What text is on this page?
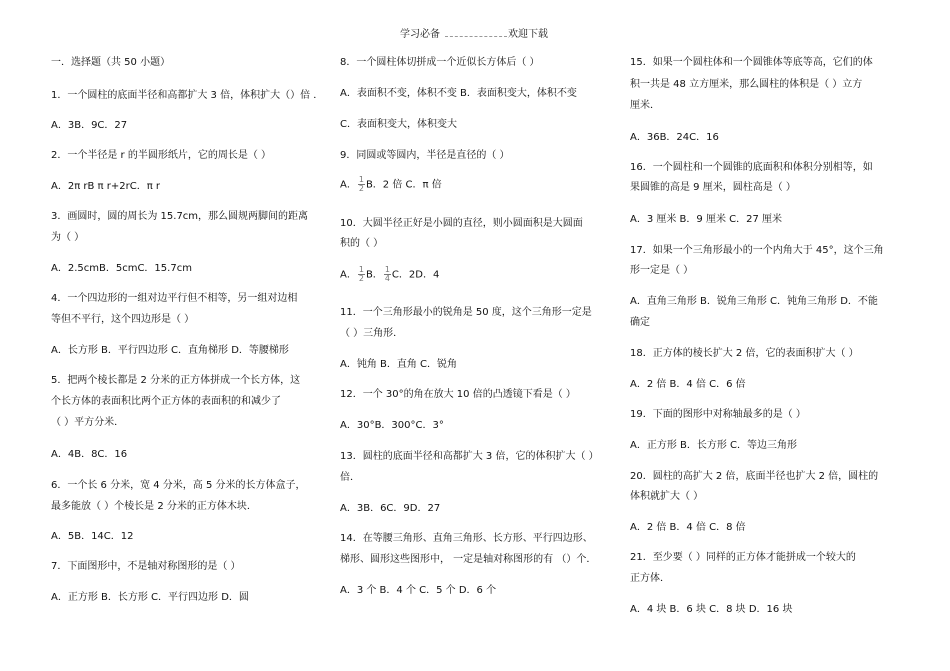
学习必备	欢迎下载
一．选择题（共 50 小题）
1．一个圆柱的底面半径和高都扩大 3 倍，体积扩大（）倍 ．
A．3B．9C．27
2．一个半径是 r 的半圆形纸片，它的周长是（ ）
A．2π rB π r+2rC．π r
3．画圆时，圆的周长为 15.7cm，那么圆规两脚间的距离
为（ ）
A．2.5cmB．5cmC．15.7cm
4．一个四边形的一组对边平行但不相等，另一组对边相
等但不平行，这个四边形是（ ）
A．长方形 B．平行四边形 C．直角梯形 D．等腰梯形
5．把两个棱长都是 2 分米的正方体拼成一个长方体，这
个长方体的表面积比两个正方体的表面积的和减少了
（ ）平方分米．
A．4B．8C．16
6．一个长 6 分米，宽 4 分米，高 5 分米的长方体盒子，
最多能放（ ）个棱长是 2 分米的正方体木块．
A．5B．14C．12
7．下面图形中，不是轴对称图形的是（ ）
A．正方形 B．长方形 C．平行四边形 D．圆
8．一个圆柱体切拼成一个近似长方体后（ ）
A．表面积不变，体积不变 B．表面积变大，体积不变
C．表面积变大，体积变大
9．同圆或等圆内，半径是直径的（ ）
A． $\frac{1}{2}$ B．2 倍 C．π 倍
10．大圆半径正好是小圆的直径，则小圆面积是大圆面
积的（ ）
A． $\frac{1}{2}$ B． $\frac{1}{4}$ C．2D．4
11．一个三角形最小的锐角是 50 度，这个三角形一定是
（ ）三角形．
A．钝角 B．直角 C．锐角
12．一个 30°的角在放大 10 倍的凸透镜下看是（ ）
A．30°B．300°C．3°
13．圆柱的底面半径和高都扩大 3 倍，它的体积扩大（ ）
倍．
A．3B．6C．9D．27
14．在等腰三角形、直角三角形、长方形、平行四边形、
梯形、圆形这些图形中， 一定是轴对称图形的有 （）个．
A．3 个 B．4 个 C．5 个 D．6 个
15．如果一个圆柱体和一个圆锥体等底等高，它们的体
积一共是 48 立方厘米，那么圆柱的体积是（ ）立方
厘米．
A．36B．24C．16
16．一个圆柱和一个圆锥的底面积和体积分别相等，如
果圆锥的高是 9 厘米，圆柱高是（ ）
A．3 厘米 B．9 厘米 C．27 厘米
17．如果一个三角形最小的一个内角大于 45°，这个三角
形一定是（ ）
A．直角三角形 B．锐角三角形 C．钝角三角形 D．不能
确定
18．正方体的棱长扩大 2 倍，它的表面积扩大（ ）
A．2 倍 B．4 倍 C．6 倍
19．下面的图形中对称轴最多的是（ ）
A．正方形 B．长方形 C．等边三角形
20．圆柱的高扩大 2 倍，底面半径也扩大 2 倍，圆柱的
体积就扩大（ ）
A．2 倍 B．4 倍 C．8 倍
21．至少要（ ）同样的正方体才能拼成一个较大的
正方体．
A．4 块 B．6 块 C．8 块 D．16 块
